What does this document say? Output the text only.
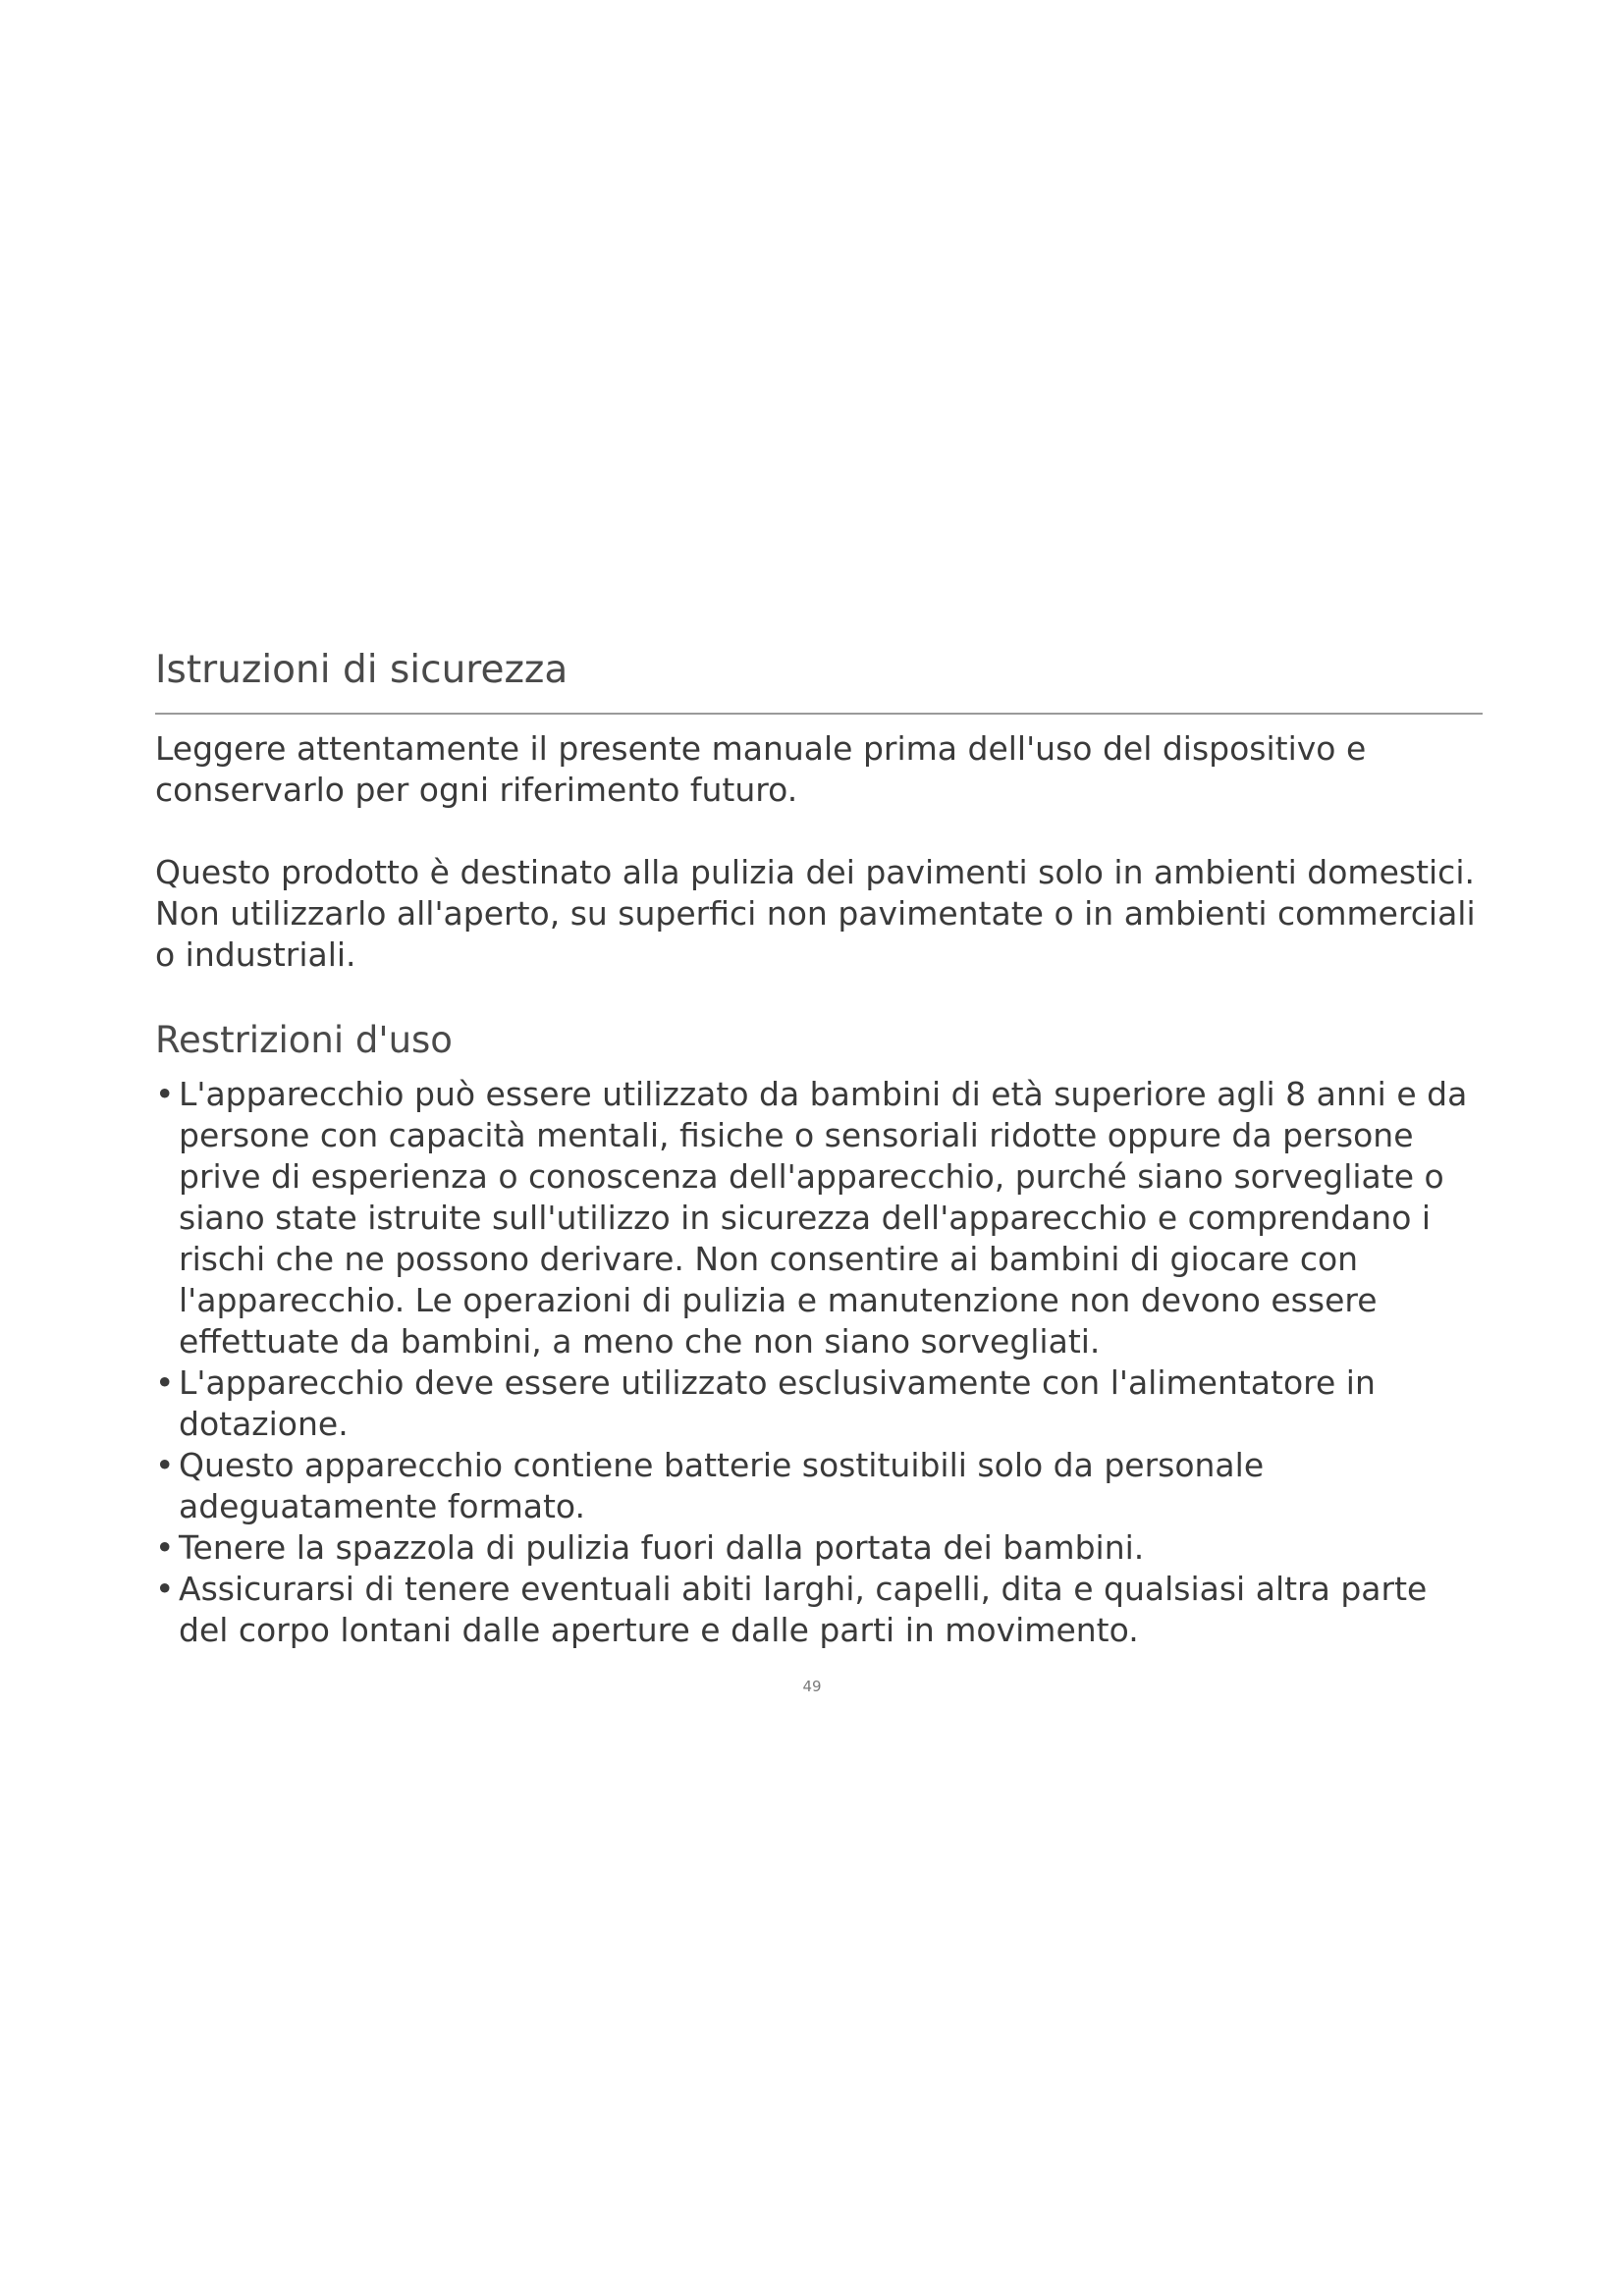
Istruzioni di sicurezza

Leggere attentamente il presente manuale prima dell'uso del dispositivo e conservarlo per ogni riferimento futuro.

Questo prodotto è destinato alla pulizia dei pavimenti solo in ambienti domestici. Non utilizzarlo all'aperto, su superfici non pavimentate o in ambienti commerciali o industriali.

Restrizioni d'uso
• L'apparecchio può essere utilizzato da bambini di età superiore agli 8 anni e da persone con capacità mentali, fisiche o sensoriali ridotte oppure da persone prive di esperienza o conoscenza dell'apparecchio, purché siano sorvegliate o siano state istruite sull'utilizzo in sicurezza dell'apparecchio e comprendano i rischi che ne possono derivare. Non consentire ai bambini di giocare con l'apparecchio. Le operazioni di pulizia e manutenzione non devono essere effettuate da bambini, a meno che non siano sorvegliati.
• L'apparecchio deve essere utilizzato esclusivamente con l'alimentatore in dotazione.
• Questo apparecchio contiene batterie sostituibili solo da personale adeguatamente formato.
• Tenere la spazzola di pulizia fuori dalla portata dei bambini.
• Assicurarsi di tenere eventuali abiti larghi, capelli, dita e qualsiasi altra parte del corpo lontani dalle aperture e dalle parti in movimento.
49
